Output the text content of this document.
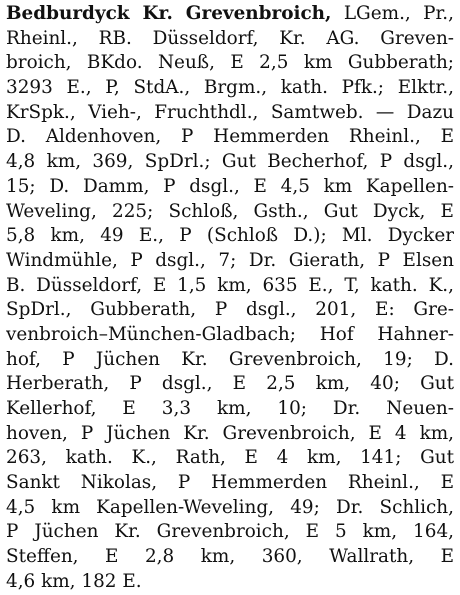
Bedburdyck Kr. Grevenbroich, LGem., Pr.,
Rheinl., RB. Düsseldorf, Kr. AG. Greven-
broich, BKdo. Neuß, E 2,5 km Gubberath;
3293 E., P, StdA., Brgm., kath. Pfk.; Elktr.,
KrSpk., Vieh-, Fruchthdl., Samtweb. — Dazu
D. Aldenhoven, P Hemmerden Rheinl., E
4,8 km, 369, SpDrl.; Gut Becherhof, P dsgl.,
15; D. Damm, P dsgl., E 4,5 km Kapellen-
Weveling, 225; Schloß, Gsth., Gut Dyck, E
5,8 km, 49 E., P (Schloß D.); Ml. Dycker
Windmühle, P dsgl., 7; Dr. Gierath, P Elsen
B. Düsseldorf, E 1,5 km, 635 E., T, kath. K.,
SpDrl., Gubberath, P dsgl., 201, E: Gre-
venbroich–München-Gladbach; Hof Hahner-
hof, P Jüchen Kr. Grevenbroich, 19; D.
Herberath, P dsgl., E 2,5 km, 40; Gut
Kellerhof, E 3,3 km, 10; Dr. Neuen-
hoven, P Jüchen Kr. Grevenbroich, E 4 km,
263, kath. K., Rath, E 4 km, 141; Gut
Sankt Nikolas, P Hemmerden Rheinl., E
4,5 km Kapellen-Weveling, 49; Dr. Schlich,
P Jüchen Kr. Grevenbroich, E 5 km, 164,
Steffen, E 2,8 km, 360, Wallrath, E
4,6 km, 182 E.
